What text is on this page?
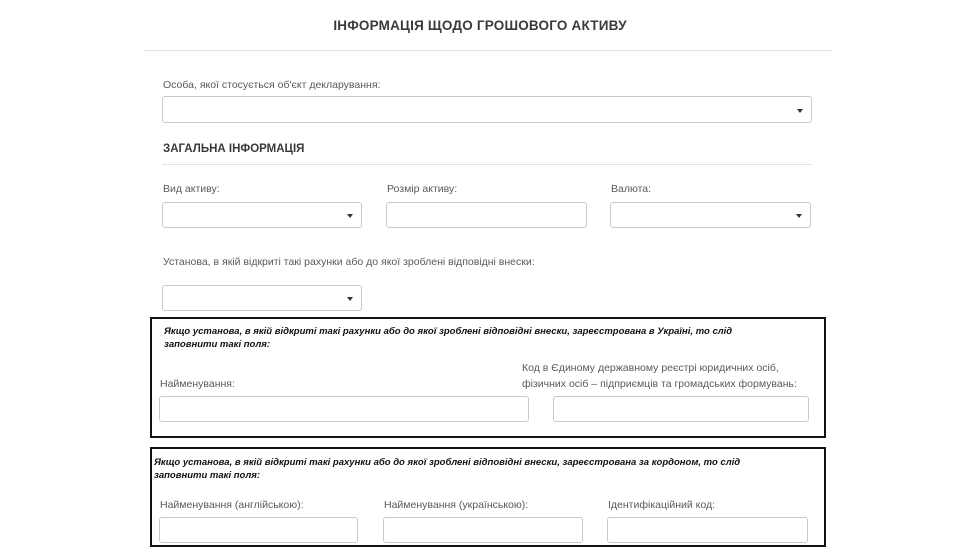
ІНФОРМАЦІЯ ЩОДО ГРОШОВОГО АКТИВУ
Особа, якої стосується об'єкт декларування:
ЗАГАЛЬНА ІНФОРМАЦІЯ
Вид активу:	Розмір активу:	Валюта:
Установа, в якій відкриті такі рахунки або до якої зроблені відповідні внески:
Якщо установа, в якій відкриті такі рахунки або до якої зроблені відповідні внески, зареєстрована в Україні, то слід
заповнити такі поля:
Найменування:
Код в Єдиному державному реєстрі юридичних осіб,
фізичних осіб – підприємців та громадських формувань:
Якщо установа, в якій відкриті такі рахунки або до якої зроблені відповідні внески, зареєстрована за кордоном, то слід
заповнити такі поля:
Найменування (англійською):	Найменування (українською):	Ідентифікаційний код:
